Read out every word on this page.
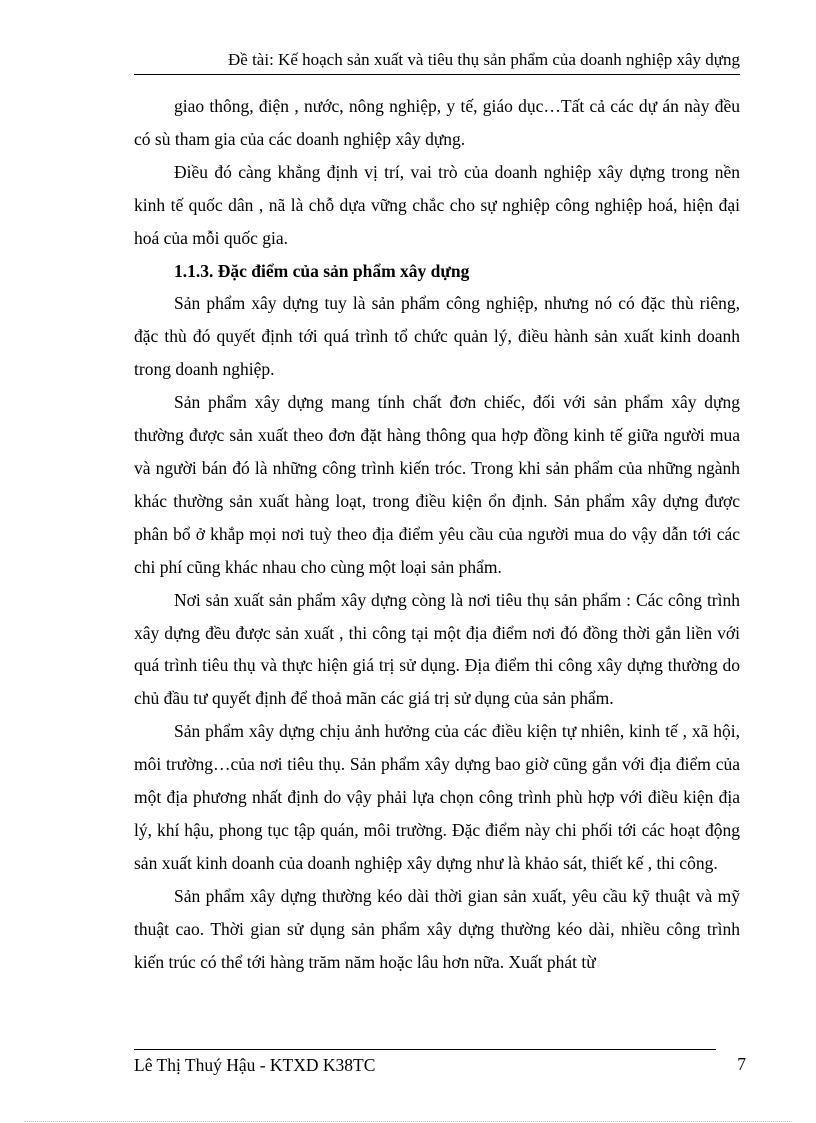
Đề tài: Kế hoạch sản xuất và tiêu thụ sản phẩm của doanh nghiệp xây dựng

giao thông, điện , nước, nông nghiệp, y tế, giáo dục…Tất cả các dự án này đều có sù tham gia của các doanh nghiệp xây dựng.

Điều đó càng khẳng định vị trí, vai trò của doanh nghiệp xây dựng trong nền kinh tế quốc dân , nã là chỗ dựa vững chắc cho sự nghiệp công nghiệp hoá, hiện đại hoá của mỗi quốc gia.

1.1.3. Đặc điểm của sản phẩm xây dựng

Sản phẩm xây dựng tuy là sản phẩm công nghiệp, nhưng nó có đặc thù riêng, đặc thù đó quyết định tới quá trình tổ chức quản lý, điều hành sản xuất kinh doanh trong doanh nghiệp.

Sản phẩm xây dựng mang tính chất đơn chiếc, đối với sản phẩm xây dựng thường được sản xuất theo đơn đặt hàng thông qua hợp đồng kinh tế giữa người mua và người bán đó là những công trình kiến tróc. Trong khi sản phẩm của những ngành khác thường sản xuất hàng loạt, trong điều kiện ổn định. Sản phẩm xây dựng được phân bổ ở khắp mọi nơi tuỳ theo địa điểm yêu cầu của người mua do vậy dẫn tới các chi phí cũng khác nhau cho cùng một loại sản phẩm.

Nơi sản xuất sản phẩm xây dựng còng là nơi tiêu thụ sản phẩm : Các công trình xây dựng đều được sản xuất , thi công tại một địa điểm nơi đó đồng thời gắn liền với quá trình tiêu thụ và thực hiện giá trị sử dụng. Địa điểm thi công xây dựng thường do chủ đầu tư quyết định để thoả mãn các giá trị sử dụng của sản phẩm.

Sản phẩm xây dựng chịu ảnh hưởng của các điều kiện tự nhiên, kinh tế , xã hội, môi trường…của nơi tiêu thụ. Sản phẩm xây dựng bao giờ cũng gắn với địa điểm của một địa phương nhất định do vậy phải lựa chọn công trình phù hợp với điều kiện địa lý, khí hậu, phong tục tập quán, môi trường. Đặc điểm này chi phối tới các hoạt động sản xuất kinh doanh của doanh nghiệp xây dựng như là khảo sát, thiết kế , thi công.

Sản phẩm xây dựng thường kéo dài thời gian sản xuất, yêu cầu kỹ thuật và mỹ thuật cao. Thời gian sử dụng sản phẩm xây dựng thường kéo dài, nhiều công trình kiến trúc có thể tới hàng trăm năm hoặc lâu hơn nữa. Xuất phát từ

Lê Thị Thuý Hậu - KTXD K38TC	7
